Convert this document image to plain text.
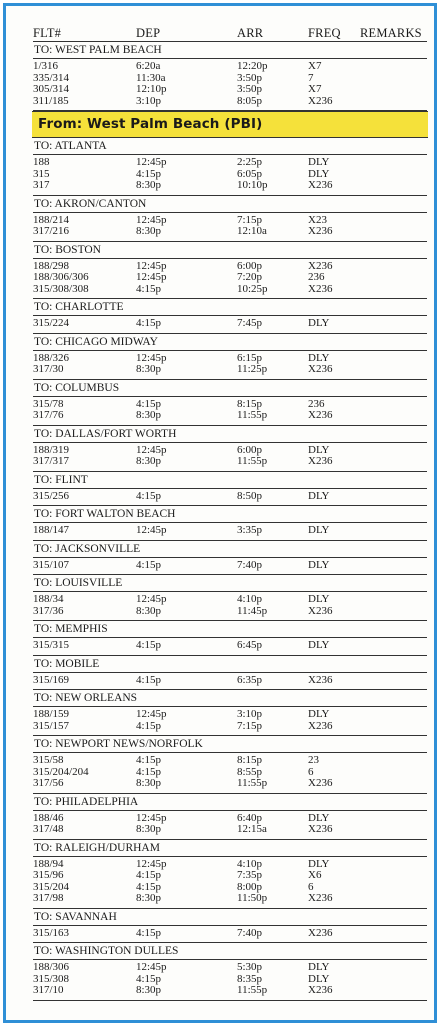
FLT#	DEP	ARR	FREQ	REMARKS
TO: WEST PALM BEACH
1/316	6:20a	12:20p	X7
335/314	11:30a	3:50p	7
305/314	12:10p	3:50p	X7
311/185	3:10p	8:05p	X236
From: West Palm Beach (PBI)
TO: ATLANTA
188	12:45p	2:25p	DLY
315	4:15p	6:05p	DLY
317	8:30p	10:10p	X236
TO: AKRON/CANTON
188/214	12:45p	7:15p	X23
317/216	8:30p	12:10a	X236
TO: BOSTON
188/298	12:45p	6:00p	X236
188/306/306	12:45p	7:20p	236
315/308/308	4:15p	10:25p	X236
TO: CHARLOTTE
315/224	4:15p	7:45p	DLY
TO: CHICAGO MIDWAY
188/326	12:45p	6:15p	DLY
317/30	8:30p	11:25p	X236
TO: COLUMBUS
315/78	4:15p	8:15p	236
317/76	8:30p	11:55p	X236
TO: DALLAS/FORT WORTH
188/319	12:45p	6:00p	DLY
317/317	8:30p	11:55p	X236
TO: FLINT
315/256	4:15p	8:50p	DLY
TO: FORT WALTON BEACH
188/147	12:45p	3:35p	DLY
TO: JACKSONVILLE
315/107	4:15p	7:40p	DLY
TO: LOUISVILLE
188/34	12:45p	4:10p	DLY
317/36	8:30p	11:45p	X236
TO: MEMPHIS
315/315	4:15p	6:45p	DLY
TO: MOBILE
315/169	4:15p	6:35p	X236
TO: NEW ORLEANS
188/159	12:45p	3:10p	DLY
315/157	4:15p	7:15p	X236
TO: NEWPORT NEWS/NORFOLK
315/58	4:15p	8:15p	23
315/204/204	4:15p	8:55p	6
317/56	8:30p	11:55p	X236
TO: PHILADELPHIA
188/46	12:45p	6:40p	DLY
317/48	8:30p	12:15a	X236
TO: RALEIGH/DURHAM
188/94	12:45p	4:10p	DLY
315/96	4:15p	7:35p	X6
315/204	4:15p	8:00p	6
317/98	8:30p	11:50p	X236
TO: SAVANNAH
315/163	4:15p	7:40p	X236
TO: WASHINGTON DULLES
188/306	12:45p	5:30p	DLY
315/308	4:15p	8:35p	DLY
317/10	8:30p	11:55p	X236
